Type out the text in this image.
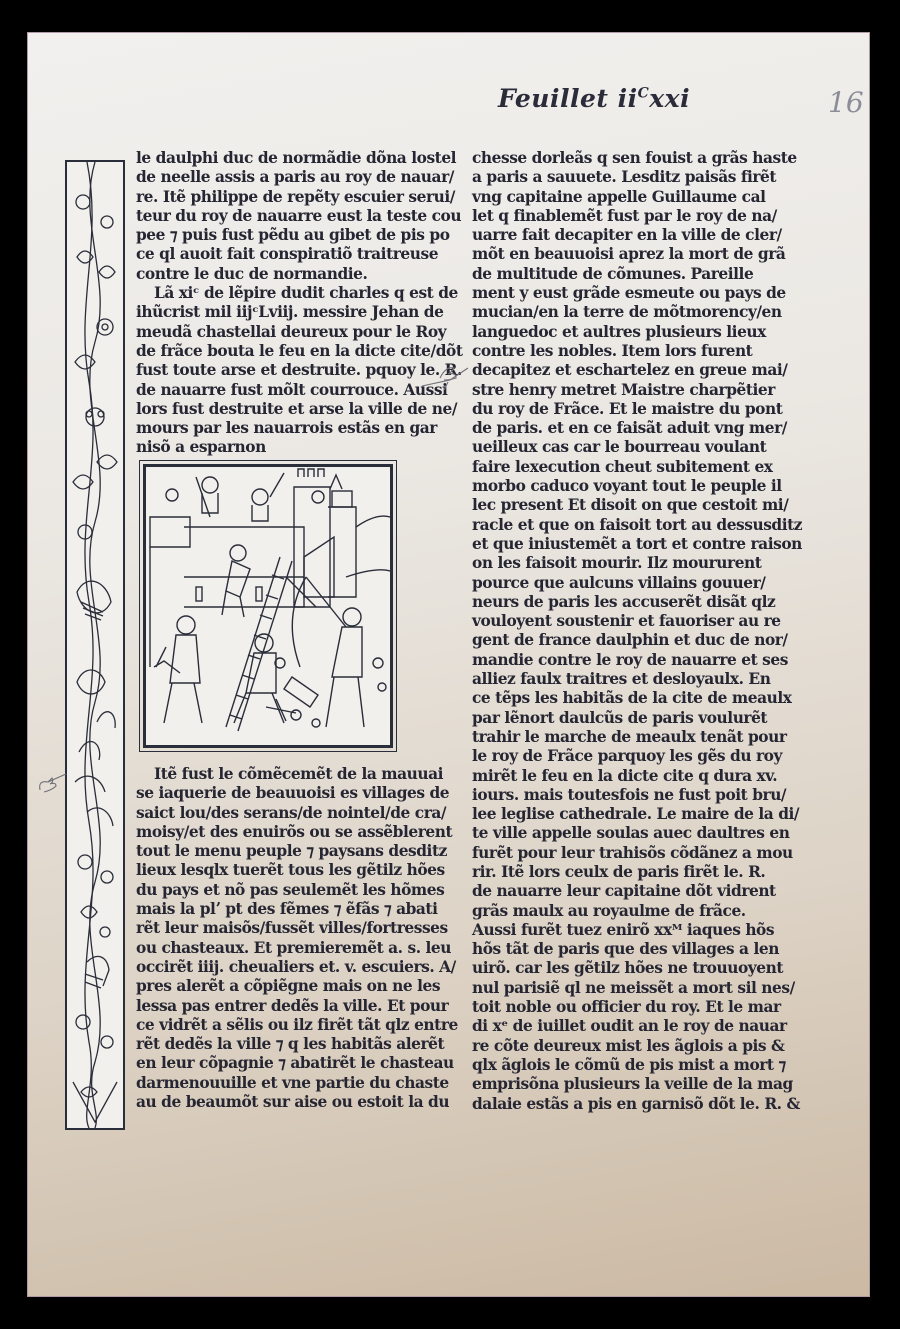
Feuillet $ii^Cxxi$	16
le daulphi duc de normãdie dõna lostel
de neelle assis a paris au roy de nauar/
re. Itẽ philippe de repẽty escuier serui/
teur du roy de nauarre eust la teste cou
pee ⁊ puis fust pẽdu au gibet de pis po
ce ql auoit fait conspiratiõ traitreuse
contre le duc de normandie.
Lã xiᶜ de lẽpire dudit charles q est de
ihũcrist mil iijᶜLviij. messire Jehan de
meudã chastellai deureux pour le Roy
de frãce bouta le feu en la dicte cite/dõt
fust toute arse et destruite. pquoy le. R.
de nauarre fust mõlt courrouce. Aussi
lors fust destruite et arse la ville de ne/
mours par les nauarrois estãs en gar
nisõ a esparnon
Itẽ fust le cõmẽcemẽt de la mauuai
se iaquerie de beauuoisi es villages de
saict lou/des serans/de nointel/de cra/
moisy/et des enuirõs ou se assẽblerent
tout le menu peuple ⁊ paysans desditz
lieux lesqlx tuerẽt tous les gẽtilz hões
du pays et nõ pas seulemẽt les hõmes
mais la plʼ pt des fẽmes ⁊ ẽfãs ⁊ abati
rẽt leur maisõs/fussẽt villes/fortresses
ou chasteaux. Et premieremẽt a. s. leu
occirẽt iiij. cheualiers et. v. escuiers. A/
pres alerẽt a cõpiẽgne mais on ne les
lessa pas entrer dedẽs la ville. Et pour
ce vidrẽt a sẽlis ou ilz firẽt tãt qlz entre
rẽt dedẽs la ville ⁊ q les habitãs alerẽt
en leur cõpagnie ⁊ abatirẽt le chasteau
darmenouuille et vne partie du chaste
au de beaumõt sur aise ou estoit la du
chesse dorleãs q sen fouist a grãs haste
a paris a sauuete. Lesditz paisãs firẽt
vng capitaine appelle Guillaume cal
let q finablemẽt fust par le roy de na/
uarre fait decapiter en la ville de cler/
mõt en beauuoisi aprez la mort de grã
de multitude de cõmunes. Pareille
ment y eust grãde esmeute ou pays de
mucian/en la terre de mõtmorency/en
languedoc et aultres plusieurs lieux
contre les nobles. Item lors furent
decapitez et eschartelez en greue mai/
stre henry metret Maistre charpẽtier
du roy de Frãce. Et le maistre du pont
de paris. et en ce faisãt aduit vng mer/
ueilleux cas car le bourreau voulant
faire lexecution cheut subitement ex
morbo caduco voyant tout le peuple il
lec present Et disoit on que cestoit mi/
racle et que on faisoit tort au dessusditz
et que iniustemẽt a tort et contre raison
on les faisoit mourir. Ilz moururent
pource que aulcuns villains gouuer/
neurs de paris les accuserẽt disãt qlz
vouloyent soustenir et fauoriser au re
gent de france daulphin et duc de nor/
mandie contre le roy de nauarre et ses
alliez faulx traitres et desloyaulx. En
ce tẽps les habitãs de la cite de meaulx
par lẽnort daulcũs de paris voulurẽt
trahir le marche de meaulx tenãt pour
le roy de Frãce parquoy les gẽs du roy
mirẽt le feu en la dicte cite q dura xv.
iours. mais toutesfois ne fust poit bru/
lee leglise cathedrale. Le maire de la di/
te ville appelle soulas auec daultres en
furẽt pour leur trahisõs cõdãnez a mou
rir. Itẽ lors ceulx de paris firẽt le. R.
de nauarre leur capitaine dõt vidrent
grãs maulx au royaulme de frãce.
Aussi furẽt tuez enirõ xxᴹ iaques hõs
hõs tãt de paris que des villages a len
uirõ. car les gẽtilz hões ne trouuoyent
nul parisiẽ ql ne meissẽt a mort sil nes/
toit noble ou officier du roy. Et le mar
di xᵉ de iuillet oudit an le roy de nauar
re cõte deureux mist les ãglois a pis &
qlx ãglois le cõmũ de pis mist a mort ⁊
emprisõna plusieurs la veille de la mag
dalaie estãs a pis en garnisõ dõt le. R. &
